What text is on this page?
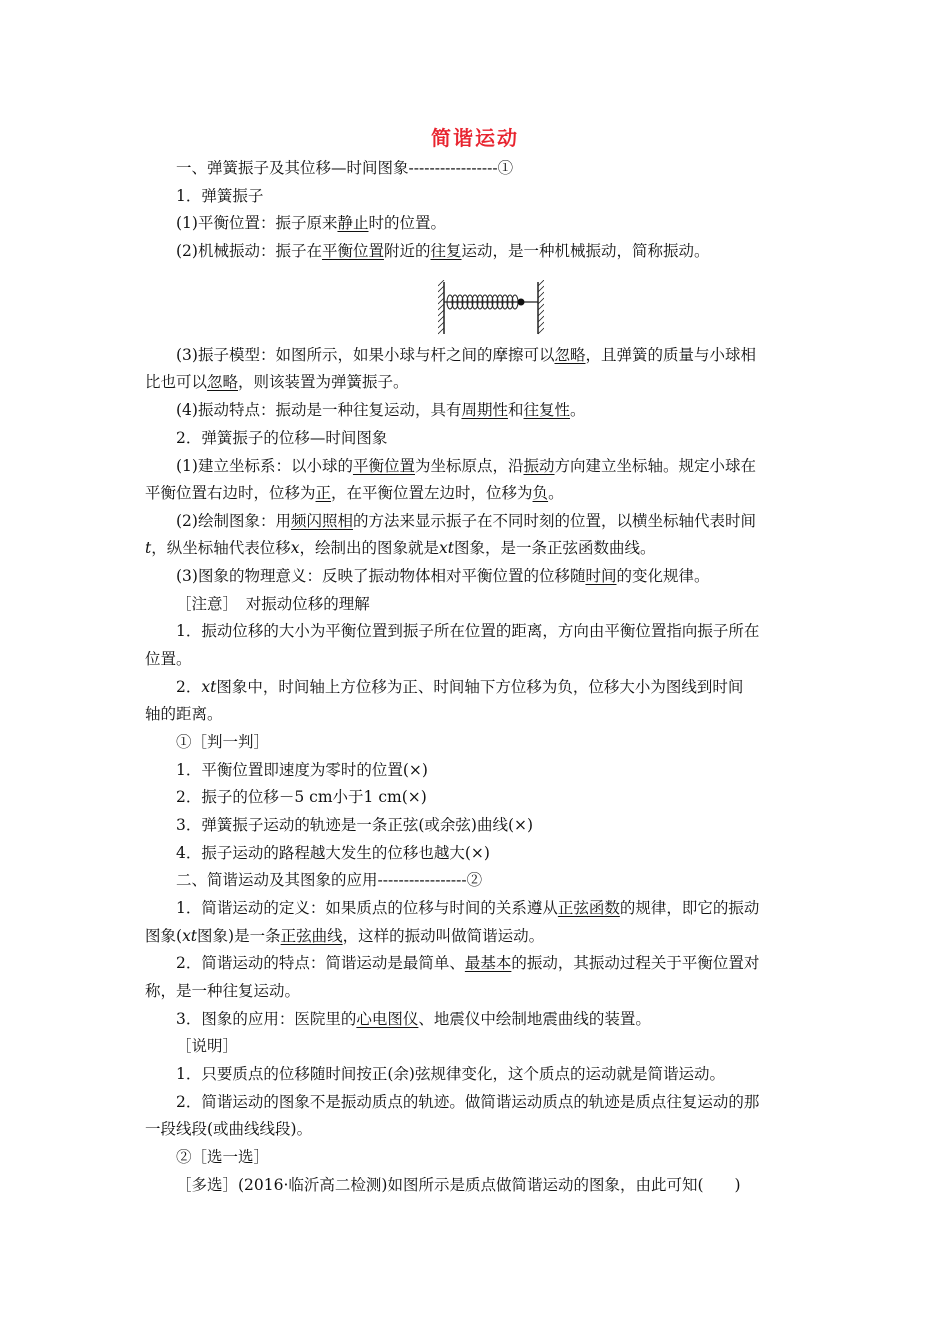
简谐运动
一、弹簧振子及其位移—时间图象-----------------①
1．弹簧振子
(1)平衡位置：振子原来静止时的位置。
(2)机械振动：振子在平衡位置附近的往复运动，是一种机械振动，简称振动。
(3)振子模型：如图所示，如果小球与杆之间的摩擦可以忽略，且弹簧的质量与小球相
比也可以忽略，则该装置为弹簧振子。
(4)振动特点：振动是一种往复运动，具有周期性和往复性。
2．弹簧振子的位移—时间图象
(1)建立坐标系：以小球的平衡位置为坐标原点，沿振动方向建立坐标轴。规定小球在
平衡位置右边时，位移为正，在平衡位置左边时，位移为负。
(2)绘制图象：用频闪照相的方法来显示振子在不同时刻的位置，以横坐标轴代表时间
t，纵坐标轴代表位移x，绘制出的图象就是xt图象，是一条正弦函数曲线。
(3)图象的物理意义：反映了振动物体相对平衡位置的位移随时间的变化规律。
［注意］　对振动位移的理解
1．振动位移的大小为平衡位置到振子所在位置的距离，方向由平衡位置指向振子所在
位置。
2．xt图象中，时间轴上方位移为正、时间轴下方位移为负，位移大小为图线到时间
轴的距离。
①［判一判］
1．平衡位置即速度为零时的位置(×)
2．振子的位移－5 cm小于1 cm(×)
3．弹簧振子运动的轨迹是一条正弦(或余弦)曲线(×)
4．振子运动的路程越大发生的位移也越大(×)
二、简谐运动及其图象的应用-----------------②
1．简谐运动的定义：如果质点的位移与时间的关系遵从正弦函数的规律，即它的振动
图象(xt图象)是一条正弦曲线，这样的振动叫做简谐运动。
2．简谐运动的特点：简谐运动是最简单、最基本的振动，其振动过程关于平衡位置对
称，是一种往复运动。
3．图象的应用：医院里的心电图仪、地震仪中绘制地震曲线的装置。
［说明］
1．只要质点的位移随时间按正(余)弦规律变化，这个质点的运动就是简谐运动。
2．简谐运动的图象不是振动质点的轨迹。做简谐运动质点的轨迹是质点往复运动的那
一段线段(或曲线线段)。
②［选一选］
［多选］(2016·临沂高二检测)如图所示是质点做简谐运动的图象，由此可知(　　)
